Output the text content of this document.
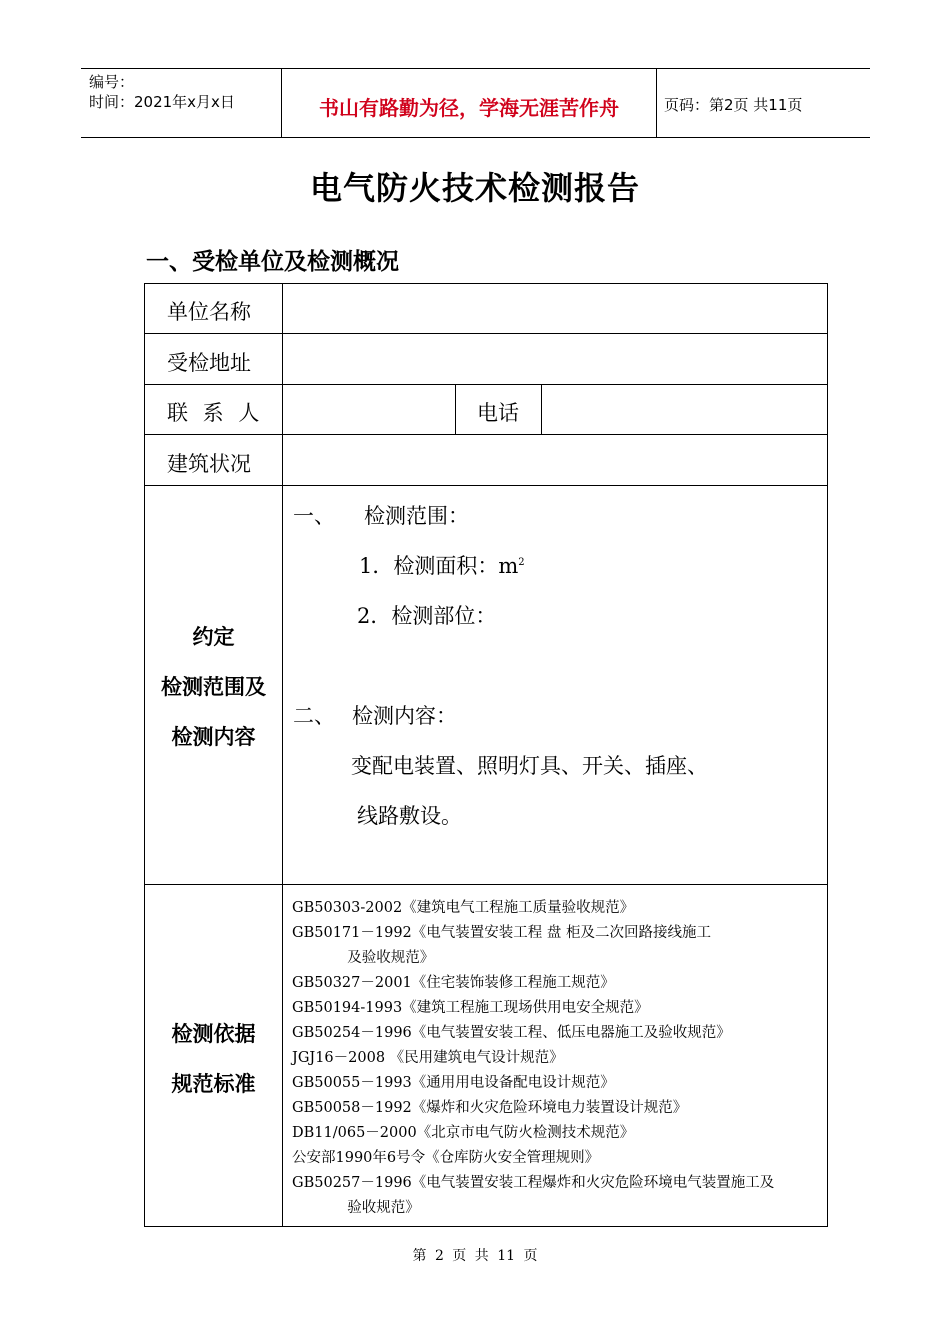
编号：
时间：2021年x月x日	书山有路勤为径，学海无涯苦作舟	页码：第2页 共11页
电气防火技术检测报告
一、受检单位及检测概况
单位名称
受检地址
联 系 人	电话
建筑状况
约定
检测范围及
检测内容
一、 检测范围：
1．检测面积：$m^2$
2．检测部位：
二、 检测内容：
变配电装置、照明灯具、开关、插座、
线路敷设。
检测依据
规范标准
GB50303-2002《建筑电气工程施工质量验收规范》
GB50171－1992《电气装置安装工程 盘 柜及二次回路接线施工
及验收规范》
GB50327－2001《住宅装饰装修工程施工规范》
GB50194-1993《建筑工程施工现场供用电安全规范》
GB50254－1996《电气装置安装工程、低压电器施工及验收规范》
JGJ16－2008 《民用建筑电气设计规范》
GB50055－1993《通用用电设备配电设计规范》
GB50058－1992《爆炸和火灾危险环境电力装置设计规范》
DB11/065－2000《北京市电气防火检测技术规范》
公安部1990年6号令《仓库防火安全管理规则》
GB50257－1996《电气装置安装工程爆炸和火灾危险环境电气装置施工及
验收规范》
第 2 页 共 11 页
